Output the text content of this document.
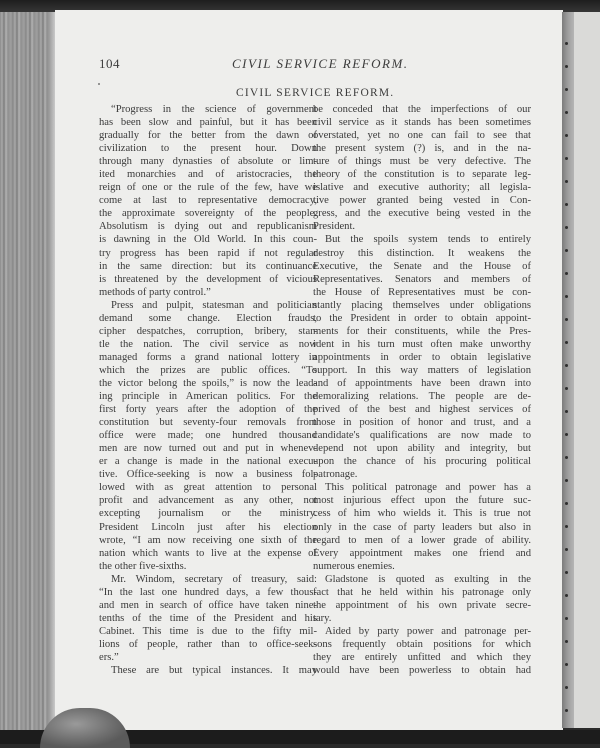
104	CIVIL SERVICE REFORM.
CIVIL SERVICE REFORM.
“Progress in the science of government
has been slow and painful, but it has been
gradually for the better from the dawn of
civilization to the present hour. Down
through many dynasties of absolute or lim-
ited monarchies and of aristocracies, the
reign of one or the rule of the few, have we
come at last to representative democracy,
the approximate sovereignty of the people.
Absolutism is dying out and republicanism
is dawning in the Old World. In this coun-
try progress has been rapid if not regular
in the same direction: but its continuance
is threatened by the development of vicious
methods of party control.”
Press and pulpit, statesman and politician
demand some change. Election frauds,
cipher despatches, corruption, bribery, star-
tle the nation. The civil service as now
managed forms a grand national lottery in
which the prizes are public offices. “To
the victor belong the spoils,” is now the lead-
ing principle in American politics. For the
first forty years after the adoption of the
constitution but seventy-four removals from
office were made; one hundred thousand
men are now turned out and put in whenev-
er a change is made in the national execu-
tive. Office-seeking is now a business fol-
lowed with as great attention to personal
profit and advancement as any other, not
excepting journalism or the ministry.
President Lincoln just after his election
wrote, “I am now receiving one sixth of the
nation which wants to live at the expense of
the other five-sixths.
Mr. Windom, secretary of treasury, said:
“In the last one hundred days, a few thous-
and men in search of office have taken nine-
tenths of the time of the President and his
Cabinet. This time is due to the fifty mil-
lions of people, rather than to office-seek-
ers.”
These are but typical instances. It may
be conceded that the imperfections of our
civil service as it stands has been sometimes
overstated, yet no one can fail to see that
the present system (?) is, and in the na-
ture of things must be very defective. The
theory of the constitution is to separate leg-
islative and executive authority; all legisla-
tive power granted being vested in Con-
gress, and the executive being vested in the
President.
But the spoils system tends to entirely
destroy this distinction. It weakens the
Executive, the Senate and the House of
Representatives. Senators and members of
the House of Representatives must be con-
stantly placing themselves under obligations
to the President in order to obtain appoint-
ments for their constituents, while the Pres-
ident in his turn must often make unworthy
appointments in order to obtain legislative
support. In this way matters of legislation
and of appointments have been drawn into
demoralizing relations. The people are de-
prived of the best and highest services of
those in position of honor and trust, and a
candidate's qualifications are now made to
depend not upon ability and integrity, but
upon the chance of his procuring political
patronage.
This political patronage and power has a
most injurious effect upon the future suc-
cess of him who wields it. This is true not
only in the case of party leaders but also in
regard to men of a lower grade of ability.
Every appointment makes one friend and
numerous enemies.
Gladstone is quoted as exulting in the
fact that he held within his patronage only
the appointment of his own private secre-
tary.
Aided by party power and patronage per-
sons frequently obtain positions for which
they are entirely unfitted and which they
would have been powerless to obtain had
